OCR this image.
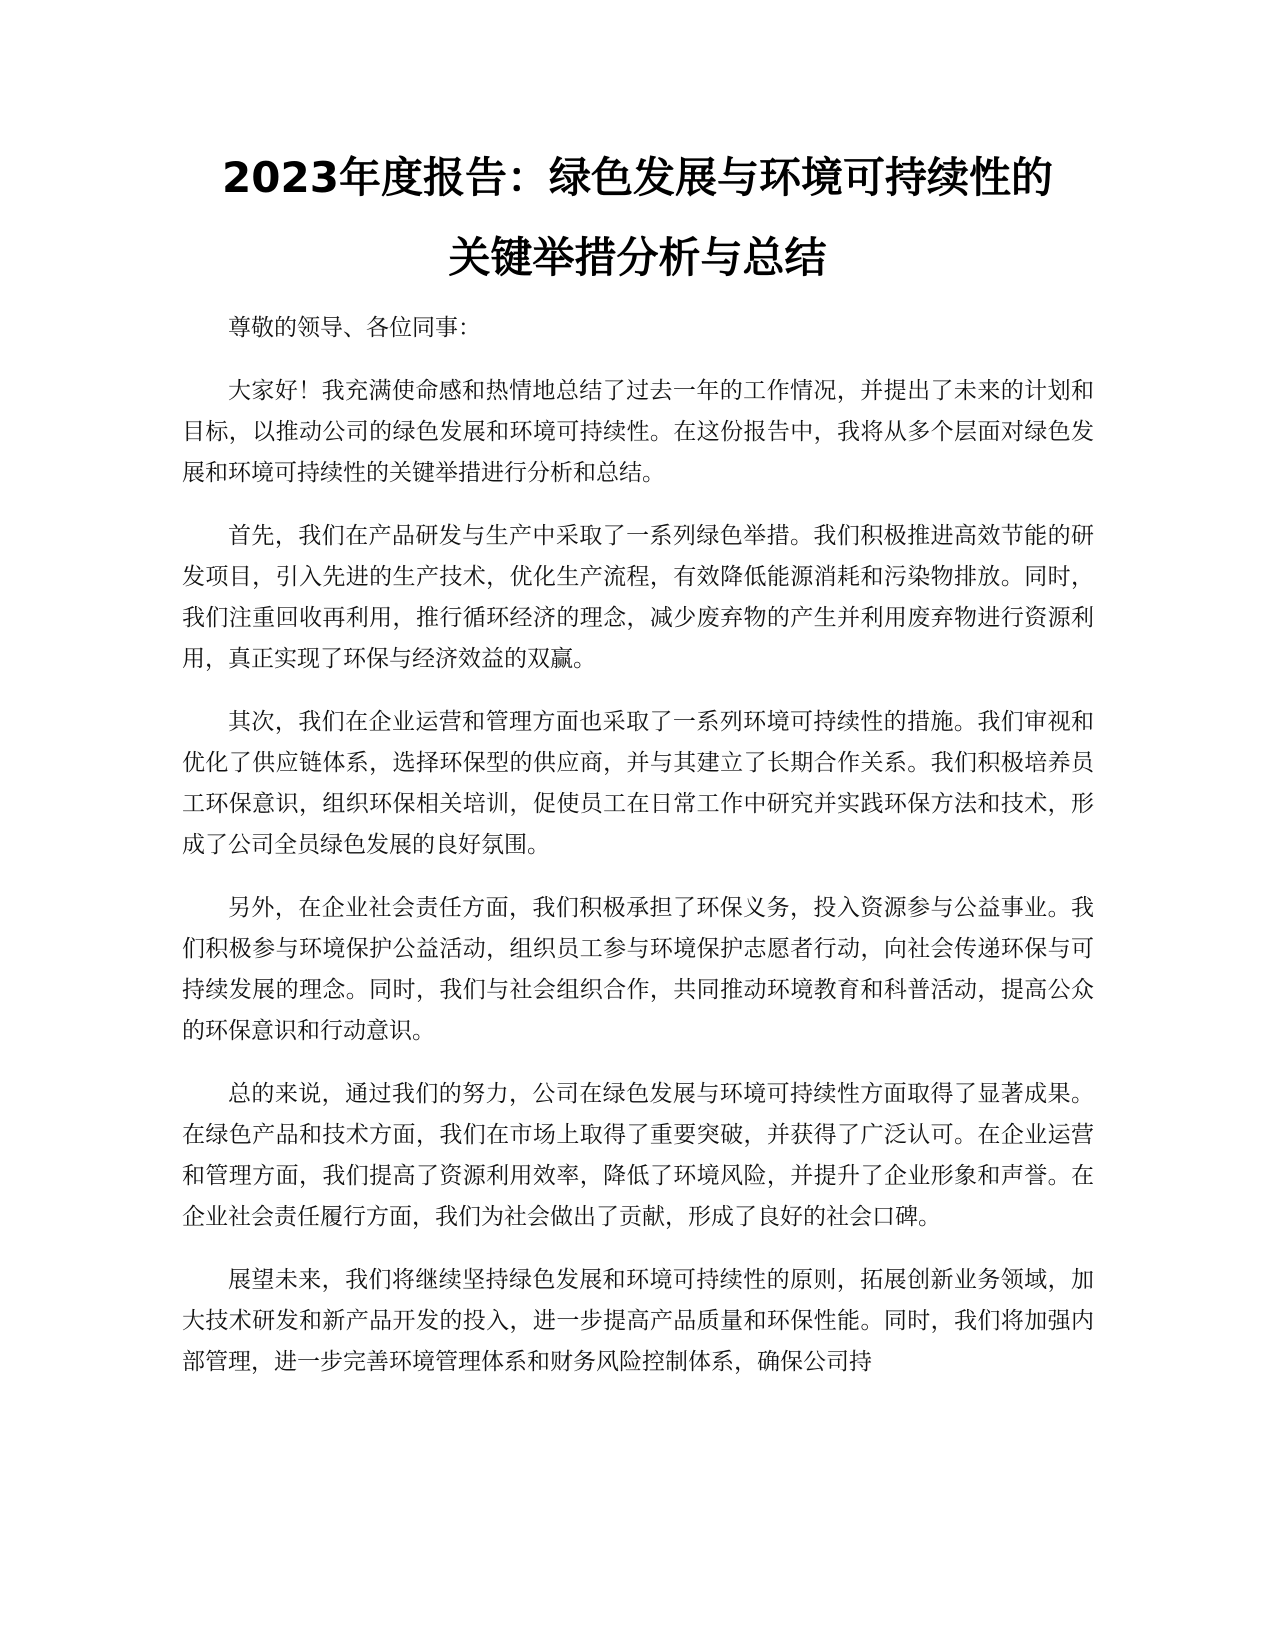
2023年度报告：绿色发展与环境可持续性的
关键举措分析与总结

尊敬的领导、各位同事：

大家好！我充满使命感和热情地总结了过去一年的工作情况，并提出了未来的计划和目标，以推动公司的绿色发展和环境可持续性。在这份报告中，我将从多个层面对绿色发展和环境可持续性的关键举措进行分析和总结。

首先，我们在产品研发与生产中采取了一系列绿色举措。我们积极推进高效节能的研发项目，引入先进的生产技术，优化生产流程，有效降低能源消耗和污染物排放。同时，我们注重回收再利用，推行循环经济的理念，减少废弃物的产生并利用废弃物进行资源利用，真正实现了环保与经济效益的双赢。

其次，我们在企业运营和管理方面也采取了一系列环境可持续性的措施。我们审视和优化了供应链体系，选择环保型的供应商，并与其建立了长期合作关系。我们积极培养员工环保意识，组织环保相关培训，促使员工在日常工作中研究并实践环保方法和技术，形成了公司全员绿色发展的良好氛围。

另外，在企业社会责任方面，我们积极承担了环保义务，投入资源参与公益事业。我们积极参与环境保护公益活动，组织员工参与环境保护志愿者行动，向社会传递环保与可持续发展的理念。同时，我们与社会组织合作，共同推动环境教育和科普活动，提高公众的环保意识和行动意识。

总的来说，通过我们的努力，公司在绿色发展与环境可持续性方面取得了显著成果。在绿色产品和技术方面，我们在市场上取得了重要突破，并获得了广泛认可。在企业运营和管理方面，我们提高了资源利用效率，降低了环境风险，并提升了企业形象和声誉。在企业社会责任履行方面，我们为社会做出了贡献，形成了良好的社会口碑。

展望未来，我们将继续坚持绿色发展和环境可持续性的原则，拓展创新业务领域，加大技术研发和新产品开发的投入，进一步提高产品质量和环保性能。同时，我们将加强内部管理，进一步完善环境管理体系和财务风险控制体系，确保公司持
